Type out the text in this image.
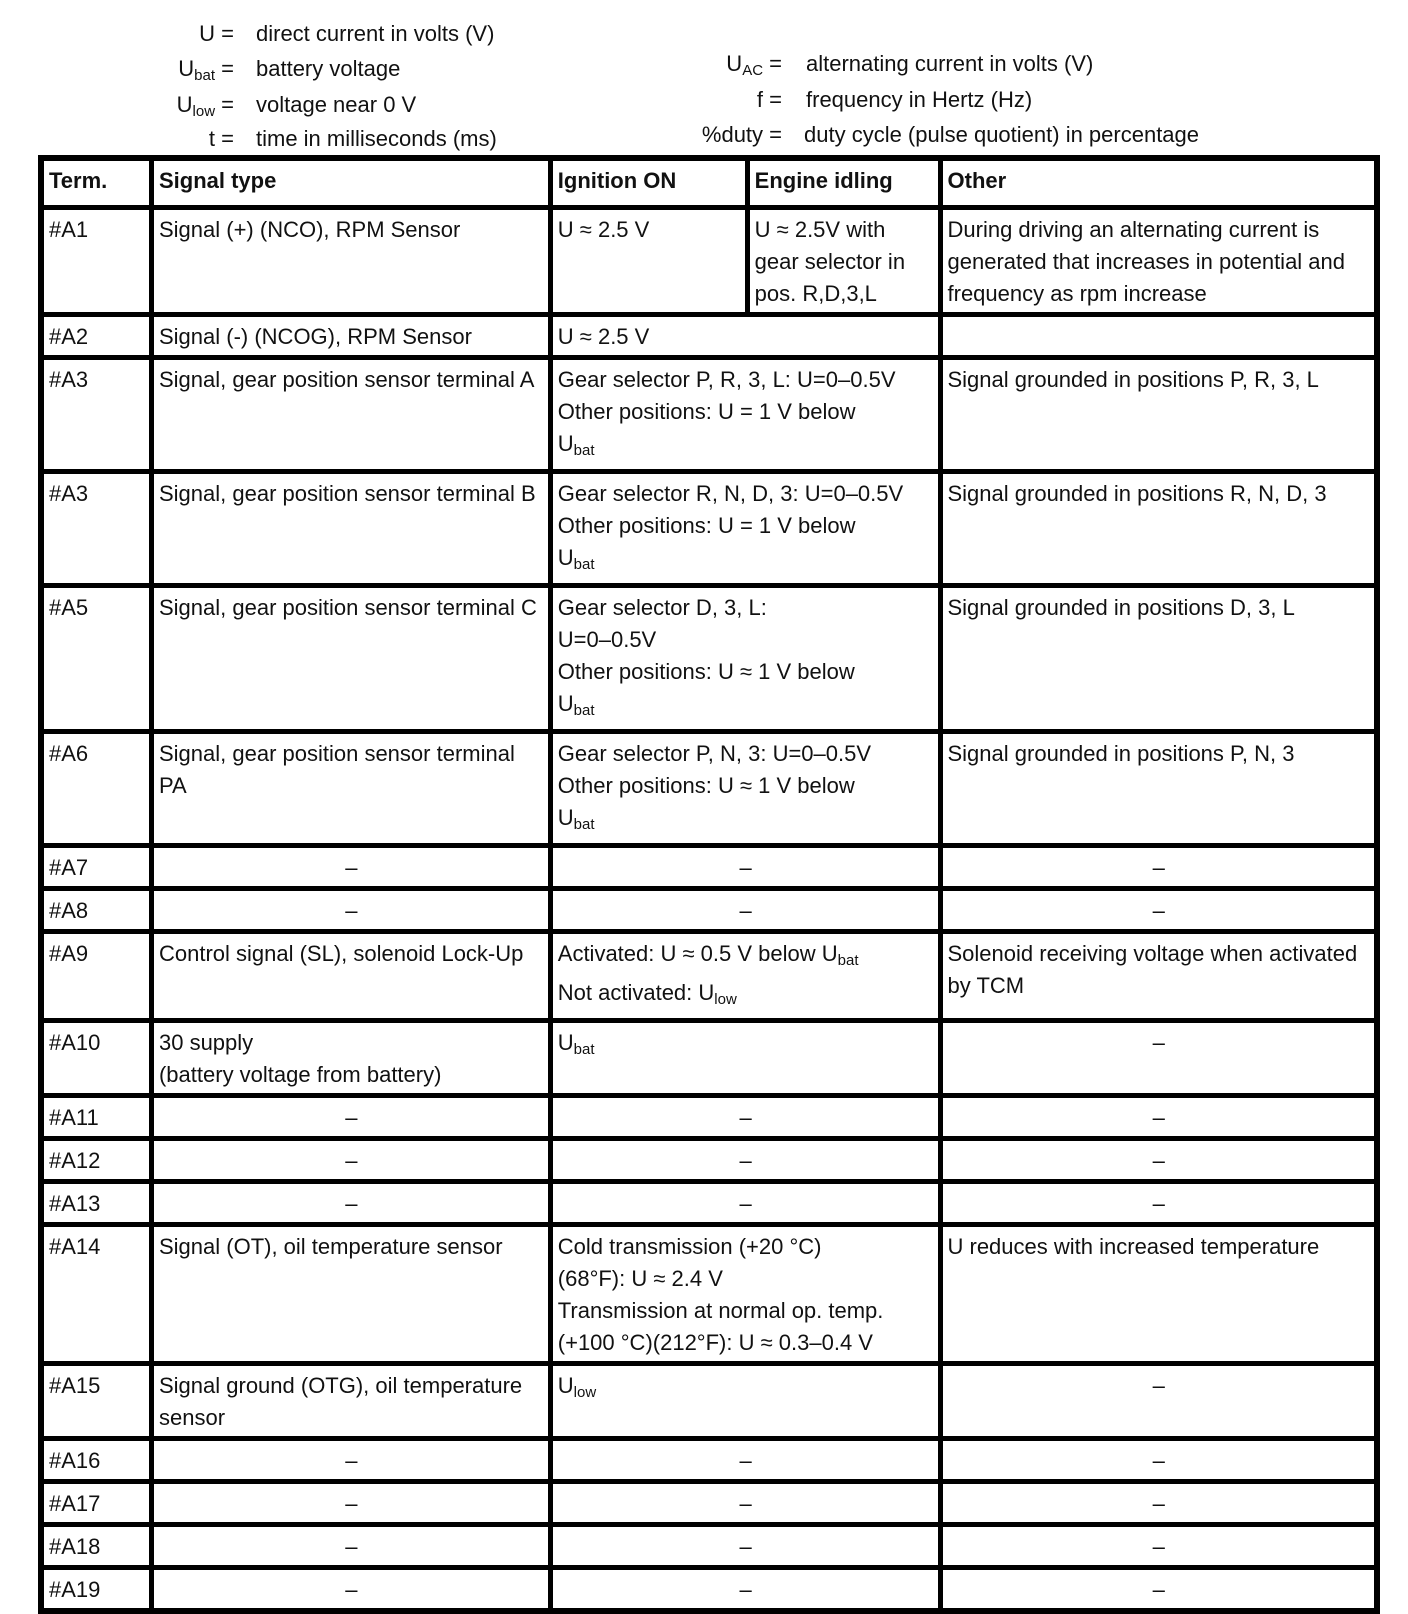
U = direct current in volts (V)
$U_{bat}$ = battery voltage
$U_{low}$ = voltage near 0 V
t = time in milliseconds (ms)
$U_{AC}$ = alternating current in volts (V)
f = frequency in Hertz (Hz)
%duty = duty cycle (pulse quotient) in percentage
Term.	Signal type	Ignition ON	Engine idling	Other
#A1	Signal (+) (NCO), RPM Sensor	U ≈ 2.5 V	U ≈ 2.5V with gear selector in pos. R,D,3,L	During driving an alternating current is generated that increases in potential and frequency as rpm increase
#A2	Signal (-) (NCOG), RPM Sensor	U ≈ 2.5 V		
#A3	Signal, gear position sensor terminal A	Gear selector P, R, 3, L: U=0–0.5V
Other positions: U = 1 V below
$U_{bat}$		Signal grounded in positions P, R, 3, L
#A3	Signal, gear position sensor terminal B	Gear selector R, N, D, 3: U=0–0.5V
Other positions: U = 1 V below
$U_{bat}$		Signal grounded in positions R, N, D, 3
#A5	Signal, gear position sensor terminal C	Gear selector D, 3, L:
U=0–0.5V
Other positions: U ≈ 1 V below
$U_{bat}$		Signal grounded in positions D, 3, L
#A6	Signal, gear position sensor terminal PA	Gear selector P, N, 3: U=0–0.5V
Other positions: U ≈ 1 V below
$U_{bat}$		Signal grounded in positions P, N, 3
#A7	–	–		–
#A8	–	–		–
#A9	Control signal (SL), solenoid Lock-Up	Activated: U ≈ 0.5 V below $U_{bat}$
Not activated: $U_{low}$		Solenoid receiving voltage when activated by TCM
#A10	30 supply
(battery voltage from battery)	$U_{bat}$		–
#A11	–	–		–
#A12	–	–		–
#A13	–	–		–
#A14	Signal (OT), oil temperature sensor	Cold transmission (+20 °C)
(68°F): U ≈ 2.4 V
Transmission at normal op. temp.
(+100 °C)(212°F): U ≈ 0.3–0.4 V		U reduces with increased temperature
#A15	Signal ground (OTG), oil temperature sensor	$U_{low}$		–
#A16	–	–		–
#A17	–	–		–
#A18	–	–		–
#A19	–	–		–
